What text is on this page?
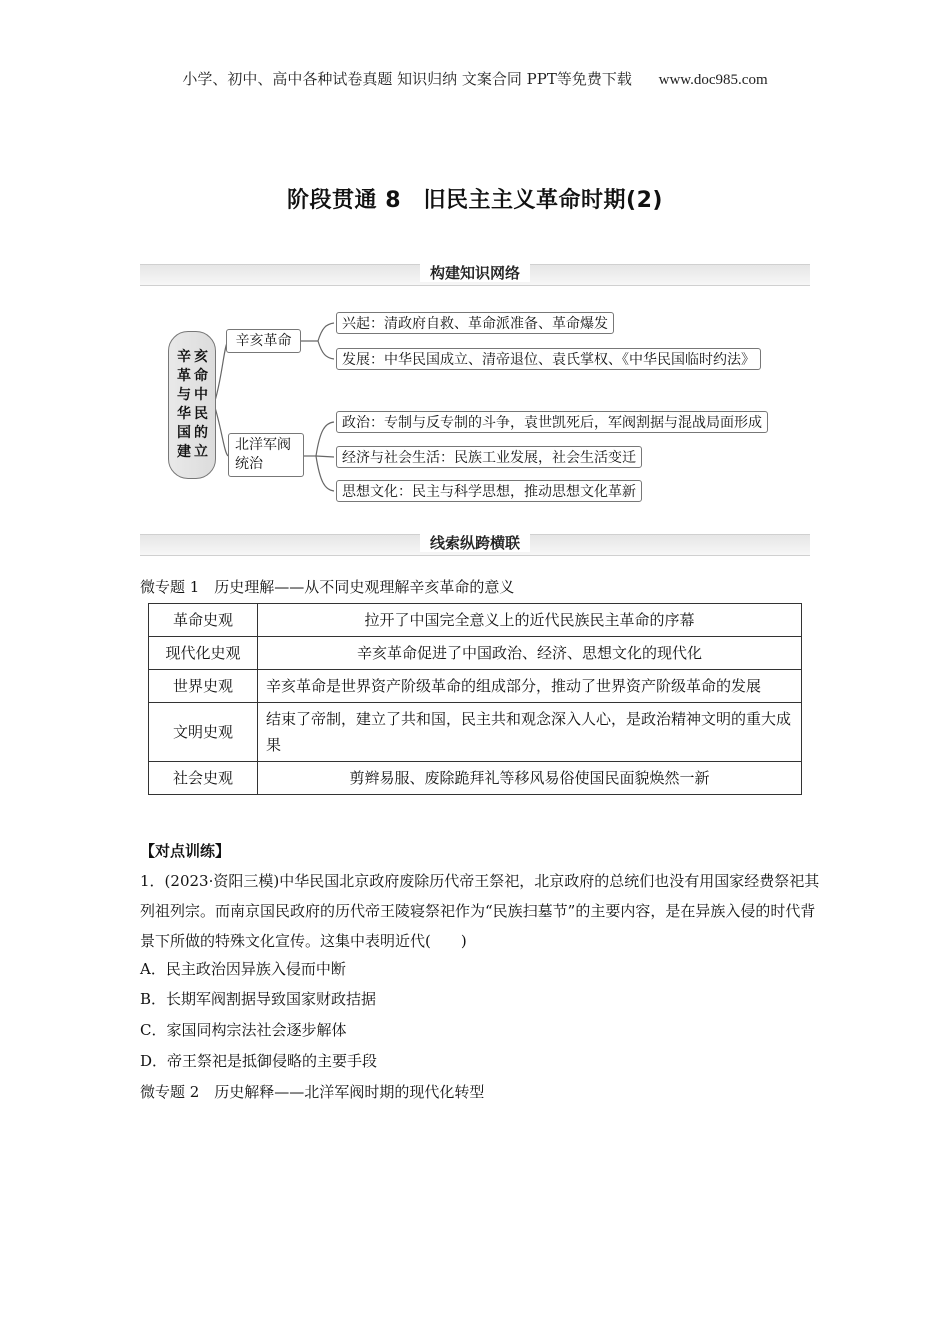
小学、初中、高中各种试卷真题 知识归纳 文案合同 PPT等免费下载 www.doc985.com
阶段贯通 8　旧民主主义革命时期(2)
构建知识网络
辛革与华国建
亥命中民的立
辛亥革命
北洋军阀
统治
兴起：清政府自救、革命派准备、革命爆发
发展：中华民国成立、清帝退位、袁氏掌权、《中华民国临时约法》
政治：专制与反专制的斗争，袁世凯死后，军阀割据与混战局面形成
经济与社会生活：民族工业发展，社会生活变迁
思想文化：民主与科学思想，推动思想文化革新
线索纵跨横联
微专题 1　历史理解——从不同史观理解辛亥革命的意义
革命史观	拉开了中国完全意义上的近代民族民主革命的序幕
现代化史观	辛亥革命促进了中国政治、经济、思想文化的现代化
世界史观	辛亥革命是世界资产阶级革命的组成部分，推动了世界资产阶级革命的发展
文明史观	结束了帝制，建立了共和国，民主共和观念深入人心，是政治精神文明的重大成果
社会史观	剪辫易服、废除跪拜礼等移风易俗使国民面貌焕然一新
【对点训练】
1．(2023·资阳三模)中华民国北京政府废除历代帝王祭祀，北京政府的总统们也没有用国家经费祭祀其列祖列宗。而南京国民政府的历代帝王陵寝祭祀作为“民族扫墓节”的主要内容，是在异族入侵的时代背景下所做的特殊文化宣传。这集中表明近代(　　)
A．民主政治因异族入侵而中断
B．长期军阀割据导致国家财政拮据
C．家国同构宗法社会逐步解体
D．帝王祭祀是抵御侵略的主要手段
微专题 2　历史解释——北洋军阀时期的现代化转型
